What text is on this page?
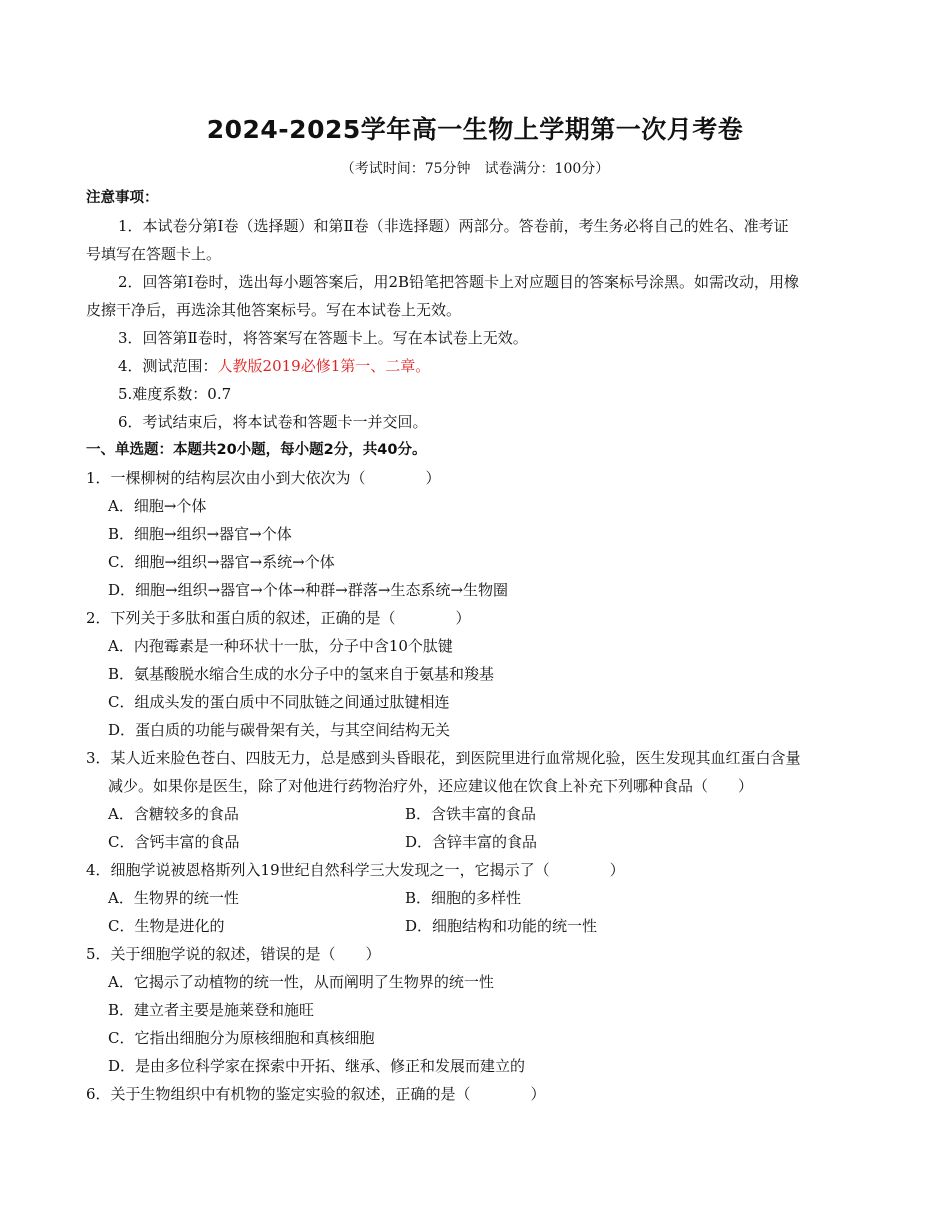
2024-2025学年高一生物上学期第一次月考卷
（考试时间：75分钟　试卷满分：100分）
注意事项：
1．本试卷分第Ⅰ卷（选择题）和第Ⅱ卷（非选择题）两部分。答卷前，考生务必将自己的姓名、准考证
号填写在答题卡上。
2．回答第Ⅰ卷时，选出每小题答案后，用2B铅笔把答题卡上对应题目的答案标号涂黑。如需改动，用橡
皮擦干净后，再选涂其他答案标号。写在本试卷上无效。
3．回答第Ⅱ卷时，将答案写在答题卡上。写在本试卷上无效。
4．测试范围：人教版2019必修1第一、二章。
5.难度系数：0.7
6．考试结束后，将本试卷和答题卡一并交回。
一、单选题：本题共20小题，每小题2分，共40分。
1．一棵柳树的结构层次由小到大依次为（　　　　）
A．细胞→个体
B．细胞→组织→器官→个体
C．细胞→组织→器官→系统→个体
D．细胞→组织→器官→个体→种群→群落→生态系统→生物圈
2．下列关于多肽和蛋白质的叙述，正确的是（　　　　）
A．内孢霉素是一种环状十一肽，分子中含10个肽键
B．氨基酸脱水缩合生成的水分子中的氢来自于氨基和羧基
C．组成头发的蛋白质中不同肽链之间通过肽键相连
D．蛋白质的功能与碳骨架有关，与其空间结构无关
3．某人近来脸色苍白、四肢无力，总是感到头昏眼花，到医院里进行血常规化验，医生发现其血红蛋白含量
减少。如果你是医生，除了对他进行药物治疗外，还应建议他在饮食上补充下列哪种食品（　　）
A．含糖较多的食品	B．含铁丰富的食品
C．含钙丰富的食品	D．含锌丰富的食品
4．细胞学说被恩格斯列入19世纪自然科学三大发现之一，它揭示了（　　　　）
A．生物界的统一性	B．细胞的多样性
C．生物是进化的	D．细胞结构和功能的统一性
5．关于细胞学说的叙述，错误的是（　　）
A．它揭示了动植物的统一性，从而阐明了生物界的统一性
B．建立者主要是施莱登和施旺
C．它指出细胞分为原核细胞和真核细胞
D．是由多位科学家在探索中开拓、继承、修正和发展而建立的
6．关于生物组织中有机物的鉴定实验的叙述，正确的是（　　　　）
